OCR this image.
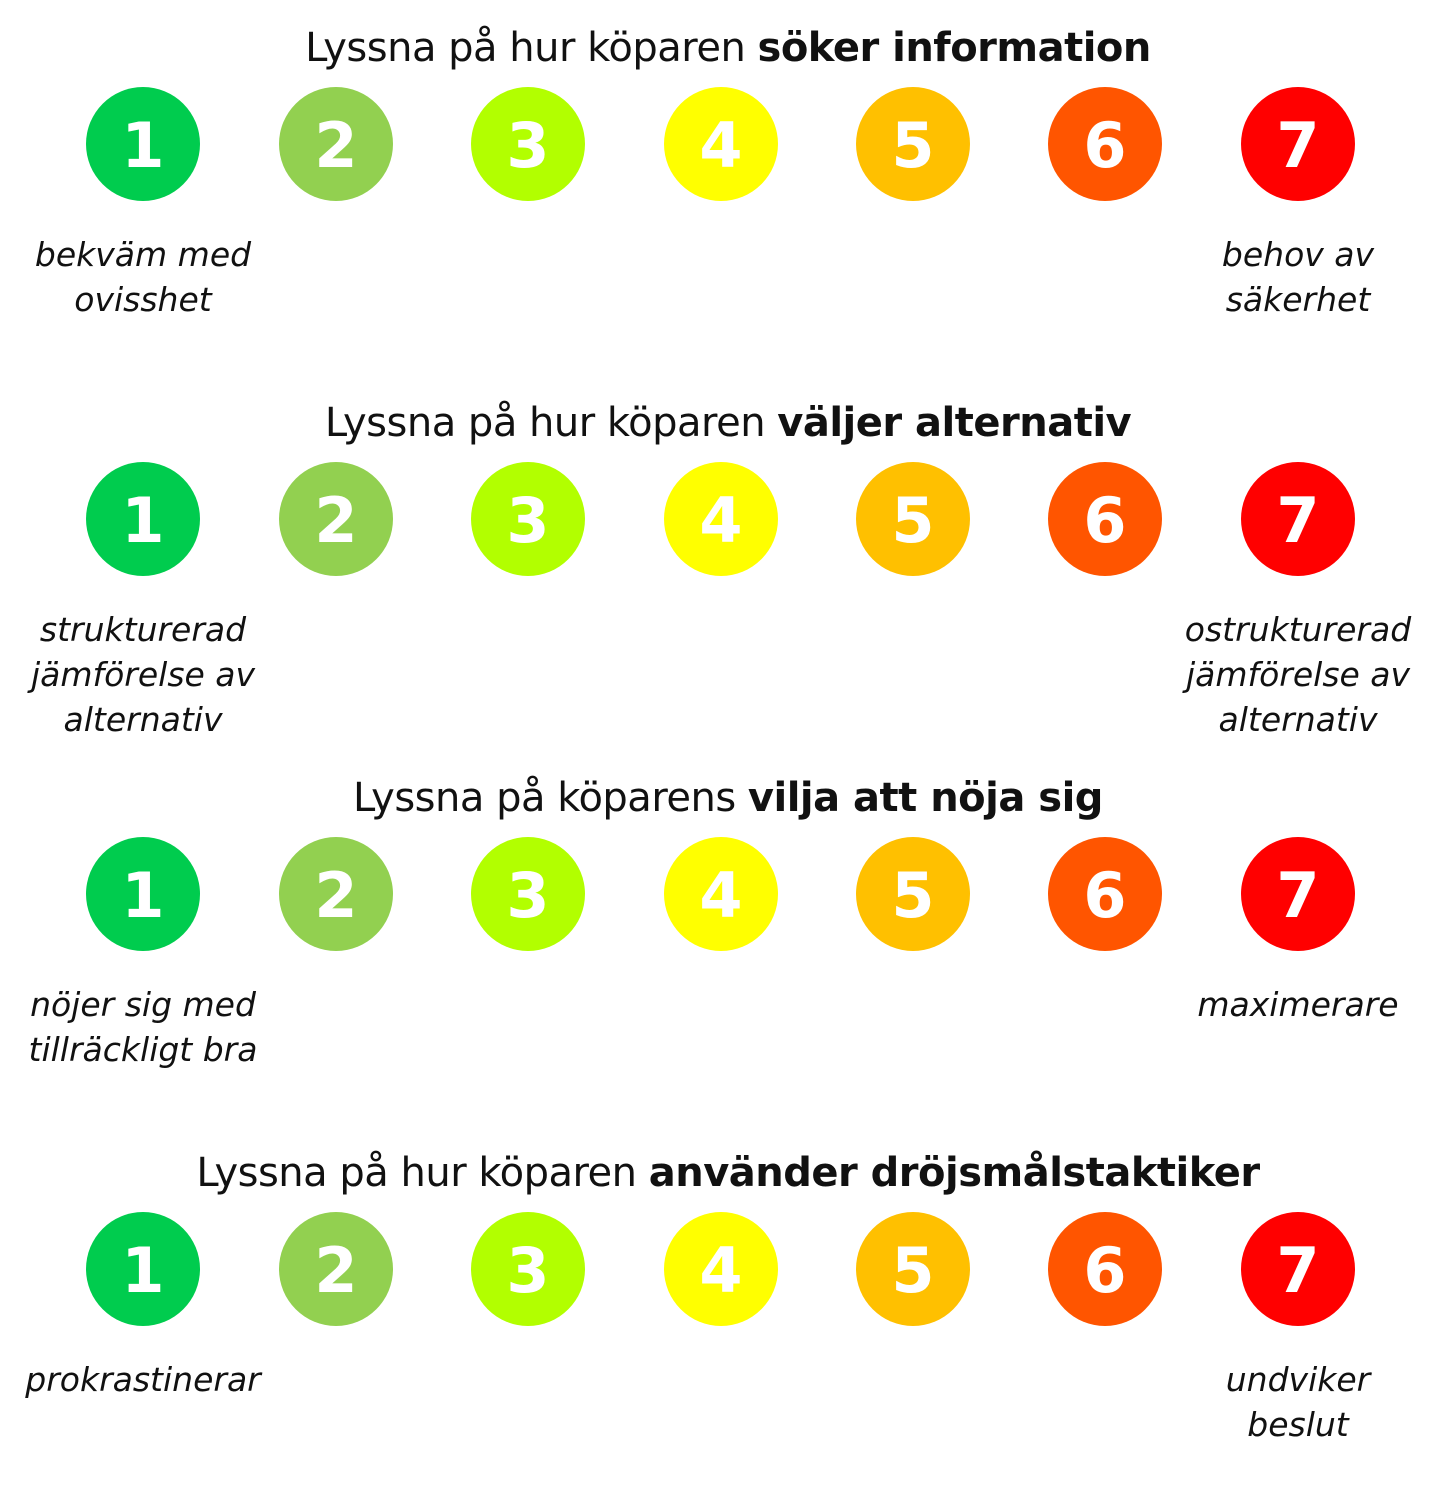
Lyssna på hur köparen söker information
1 2 3 4 5 6 7
bekväm med
ovisshet
behov av
säkerhet
Lyssna på hur köparen väljer alternativ
1 2 3 4 5 6 7
strukturerad
jämförelse av
alternativ
ostrukturerad
jämförelse av
alternativ
Lyssna på köparens vilja att nöja sig
1 2 3 4 5 6 7
nöjer sig med
tillräckligt bra
maximerare
Lyssna på hur köparen använder dröjsmålstaktiker
1 2 3 4 5 6 7
prokrastinerar	undviker
beslut
